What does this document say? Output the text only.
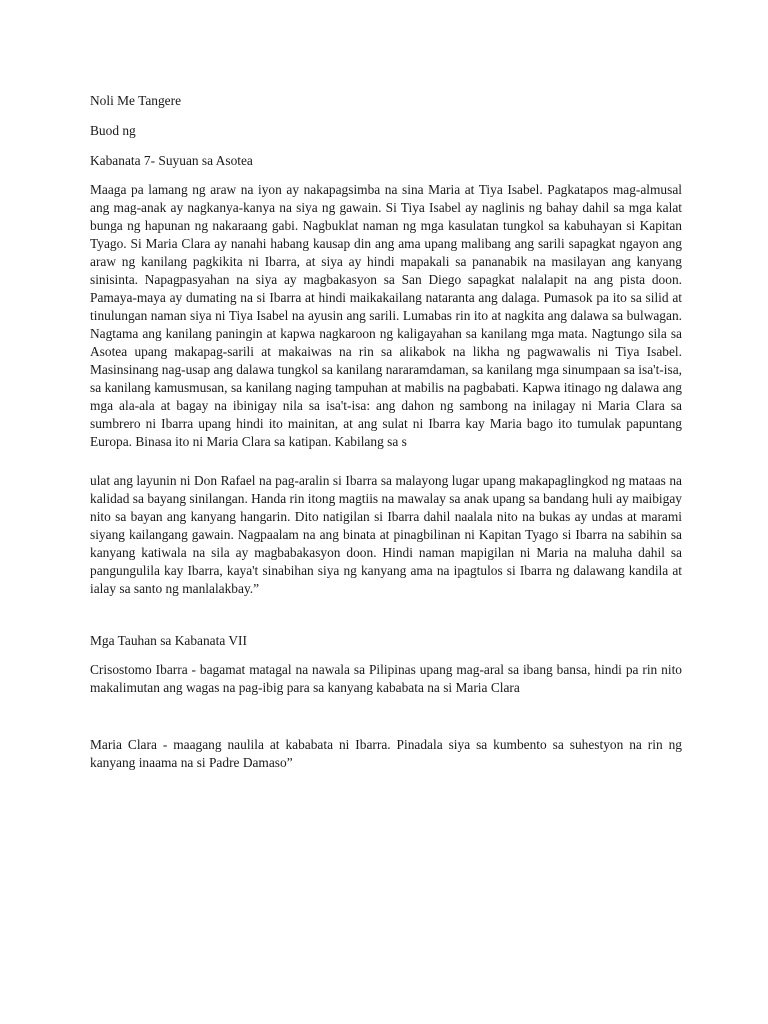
Noli Me Tangere

Buod ng

Kabanata 7- Suyuan sa Asotea

Maaga pa lamang ng araw na iyon ay nakapagsimba na sina Maria at Tiya Isabel. Pagkatapos mag-almusal ang mag-anak ay nagkanya-kanya na siya ng gawain. Si Tiya Isabel ay naglinis ng bahay dahil sa mga kalat bunga ng hapunan ng nakaraang gabi. Nagbuklat naman ng mga kasulatan tungkol sa kabuhayan si Kapitan Tyago. Si Maria Clara ay nanahi habang kausap din ang ama upang malibang ang sarili sapagkat ngayon ang araw ng kanilang pagkikita ni Ibarra, at siya ay hindi mapakali sa pananabik na masilayan ang kanyang sinisinta. Napagpasyahan na siya ay magbakasyon sa San Diego sapagkat nalalapit na ang pista doon. Pamaya-maya ay dumating na si Ibarra at hindi maikakailang nataranta ang dalaga. Pumasok pa ito sa silid at tinulungan naman siya ni Tiya Isabel na ayusin ang sarili. Lumabas rin ito at nagkita ang dalawa sa bulwagan. Nagtama ang kanilang paningin at kapwa nagkaroon ng kaligayahan sa kanilang mga mata. Nagtungo sila sa Asotea upang makapag-sarili at makaiwas na rin sa alikabok na likha ng pagwawalis ni Tiya Isabel. Masinsinang nag-usap ang dalawa tungkol sa kanilang nararamdaman, sa kanilang mga sinumpaan sa isa't-isa, sa kanilang kamusmusan, sa kanilang naging tampuhan at mabilis na pagbabati. Kapwa itinago ng dalawa ang mga ala-ala at bagay na ibinigay nila sa isa't-isa: ang dahon ng sambong na inilagay ni Maria Clara sa sumbrero ni Ibarra upang hindi ito mainitan, at ang sulat ni Ibarra kay Maria bago ito tumulak papuntang Europa. Binasa ito ni Maria Clara sa katipan. Kabilang sa s

ulat ang layunin ni Don Rafael na pag-aralin si Ibarra sa malayong lugar upang makapaglingkod ng mataas na kalidad sa bayang sinilangan. Handa rin itong magtiis na mawalay sa anak upang sa bandang huli ay maibigay nito sa bayan ang kanyang hangarin. Dito natigilan si Ibarra dahil naalala nito na bukas ay undas at marami siyang kailangang gawain. Nagpaalam na ang binata at pinagbilinan ni Kapitan Tyago si Ibarra na sabihin sa kanyang katiwala na sila ay magbabakasyon doon. Hindi naman mapigilan ni Maria na maluha dahil sa pangungulila kay Ibarra, kaya't sinabihan siya ng kanyang ama na ipagtulos si Ibarra ng dalawang kandila at ialay sa santo ng manlalakbay.”

Mga Tauhan sa Kabanata VII

Crisostomo Ibarra - bagamat matagal na nawala sa Pilipinas upang mag-aral sa ibang bansa, hindi pa rin nito makalimutan ang wagas na pag-ibig para sa kanyang kababata na si Maria Clara

Maria Clara - maagang naulila at kababata ni Ibarra. Pinadala siya sa kumbento sa suhestyon na rin ng kanyang inaama na si Padre Damaso”
